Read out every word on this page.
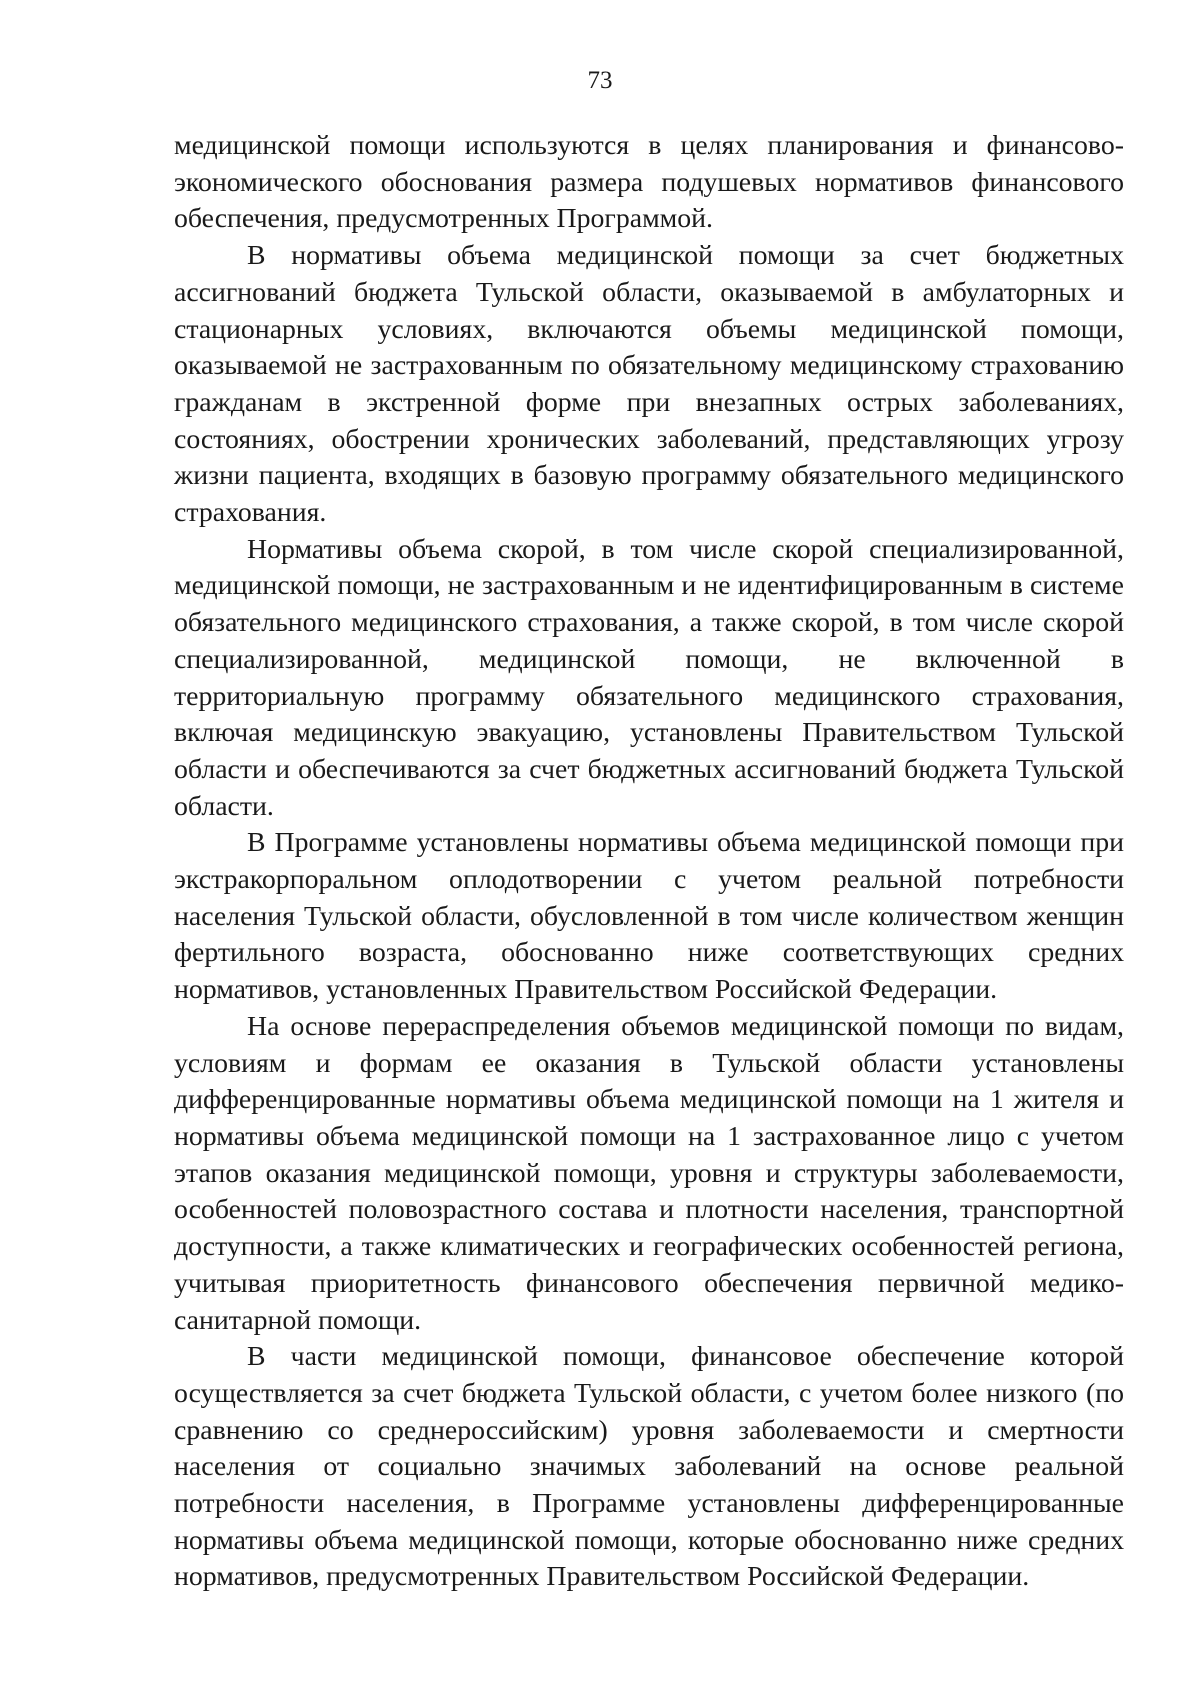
73

медицинской помощи используются в целях планирования и финансово-экономического обоснования размера подушевых нормативов финансового обеспечения, предусмотренных Программой.

В нормативы объема медицинской помощи за счет бюджетных ассигнований бюджета Тульской области, оказываемой в амбулаторных и стационарных условиях, включаются объемы медицинской помощи, оказываемой не застрахованным по обязательному медицинскому страхованию гражданам в экстренной форме при внезапных острых заболеваниях, состояниях, обострении хронических заболеваний, представляющих угрозу жизни пациента, входящих в базовую программу обязательного медицинского страхования.

Нормативы объема скорой, в том числе скорой специализированной, медицинской помощи, не застрахованным и не идентифицированным в системе обязательного медицинского страхования, а также скорой, в том числе скорой специализированной, медицинской помощи, не включенной в территориальную программу обязательного медицинского страхования, включая медицинскую эвакуацию, установлены Правительством Тульской области и обеспечиваются за счет бюджетных ассигнований бюджета Тульской области.

В Программе установлены нормативы объема медицинской помощи при экстракорпоральном оплодотворении с учетом реальной потребности населения Тульской области, обусловленной в том числе количеством женщин фертильного возраста, обоснованно ниже соответствующих средних нормативов, установленных Правительством Российской Федерации.

На основе перераспределения объемов медицинской помощи по видам, условиям и формам ее оказания в Тульской области установлены дифференцированные нормативы объема медицинской помощи на 1 жителя и нормативы объема медицинской помощи на 1 застрахованное лицо с учетом этапов оказания медицинской помощи, уровня и структуры заболеваемости, особенностей половозрастного состава и плотности населения, транспортной доступности, а также климатических и географических особенностей региона, учитывая приоритетность финансового обеспечения первичной медико-санитарной помощи.

В части медицинской помощи, финансовое обеспечение которой осуществляется за счет бюджета Тульской области, с учетом более низкого (по сравнению со среднероссийским) уровня заболеваемости и смертности населения от социально значимых заболеваний на основе реальной потребности населения, в Программе установлены дифференцированные нормативы объема медицинской помощи, которые обоснованно ниже средних нормативов, предусмотренных Правительством Российской Федерации.
